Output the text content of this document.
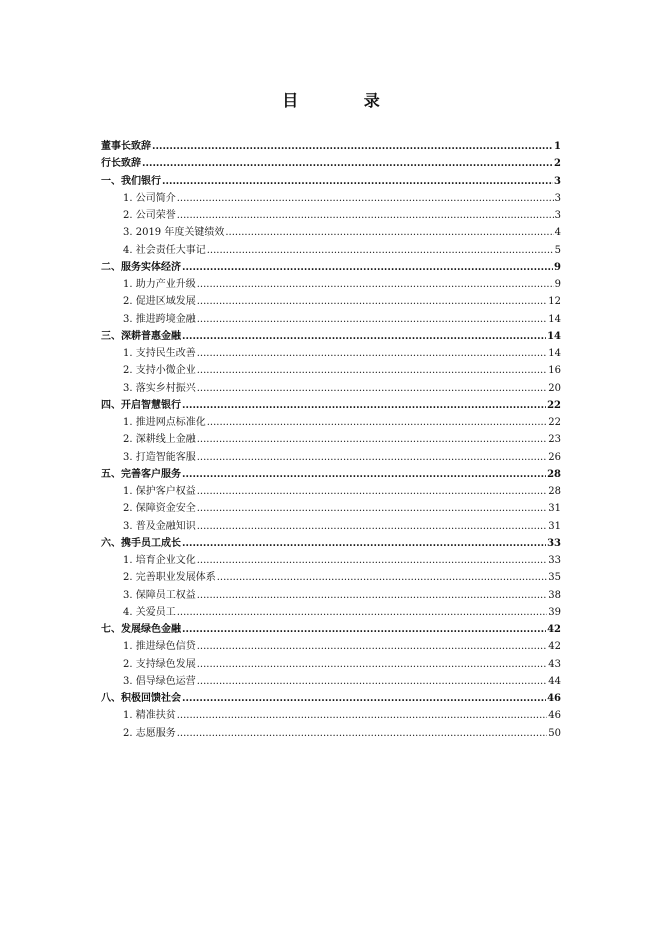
目 录
董事长致辞 .....	1
行长致辞 .....	2
一、我们银行 .....	3
1. 公司简介 .....	3
2. 公司荣誉 .....	3
3. 2019 年度关键绩效 .....	4
4. 社会责任大事记 .....	5
二、服务实体经济 .....	9
1. 助力产业升级 .....	9
2. 促进区域发展 .....	12
3. 推进跨境金融 .....	14
三、深耕普惠金融 .....	14
1. 支持民生改善 .....	14
2. 支持小微企业 .....	16
3. 落实乡村振兴 .....	20
四、开启智慧银行 .....	22
1. 推进网点标准化 .....	22
2. 深耕线上金融 .....	23
3. 打造智能客服 .....	26
五、完善客户服务 .....	28
1. 保护客户权益 .....	28
2. 保障资金安全 .....	31
3. 普及金融知识 .....	31
六、携手员工成长 .....	33
1. 培育企业文化 .....	33
2. 完善职业发展体系 .....	35
3. 保障员工权益 .....	38
4. 关爱员工 .....	39
七、发展绿色金融 .....	42
1. 推进绿色信贷 .....	42
2. 支持绿色发展 .....	43
3. 倡导绿色运营 .....	44
八、积极回馈社会 .....	46
1. 精准扶贫 .....	46
2. 志愿服务 .....	50
